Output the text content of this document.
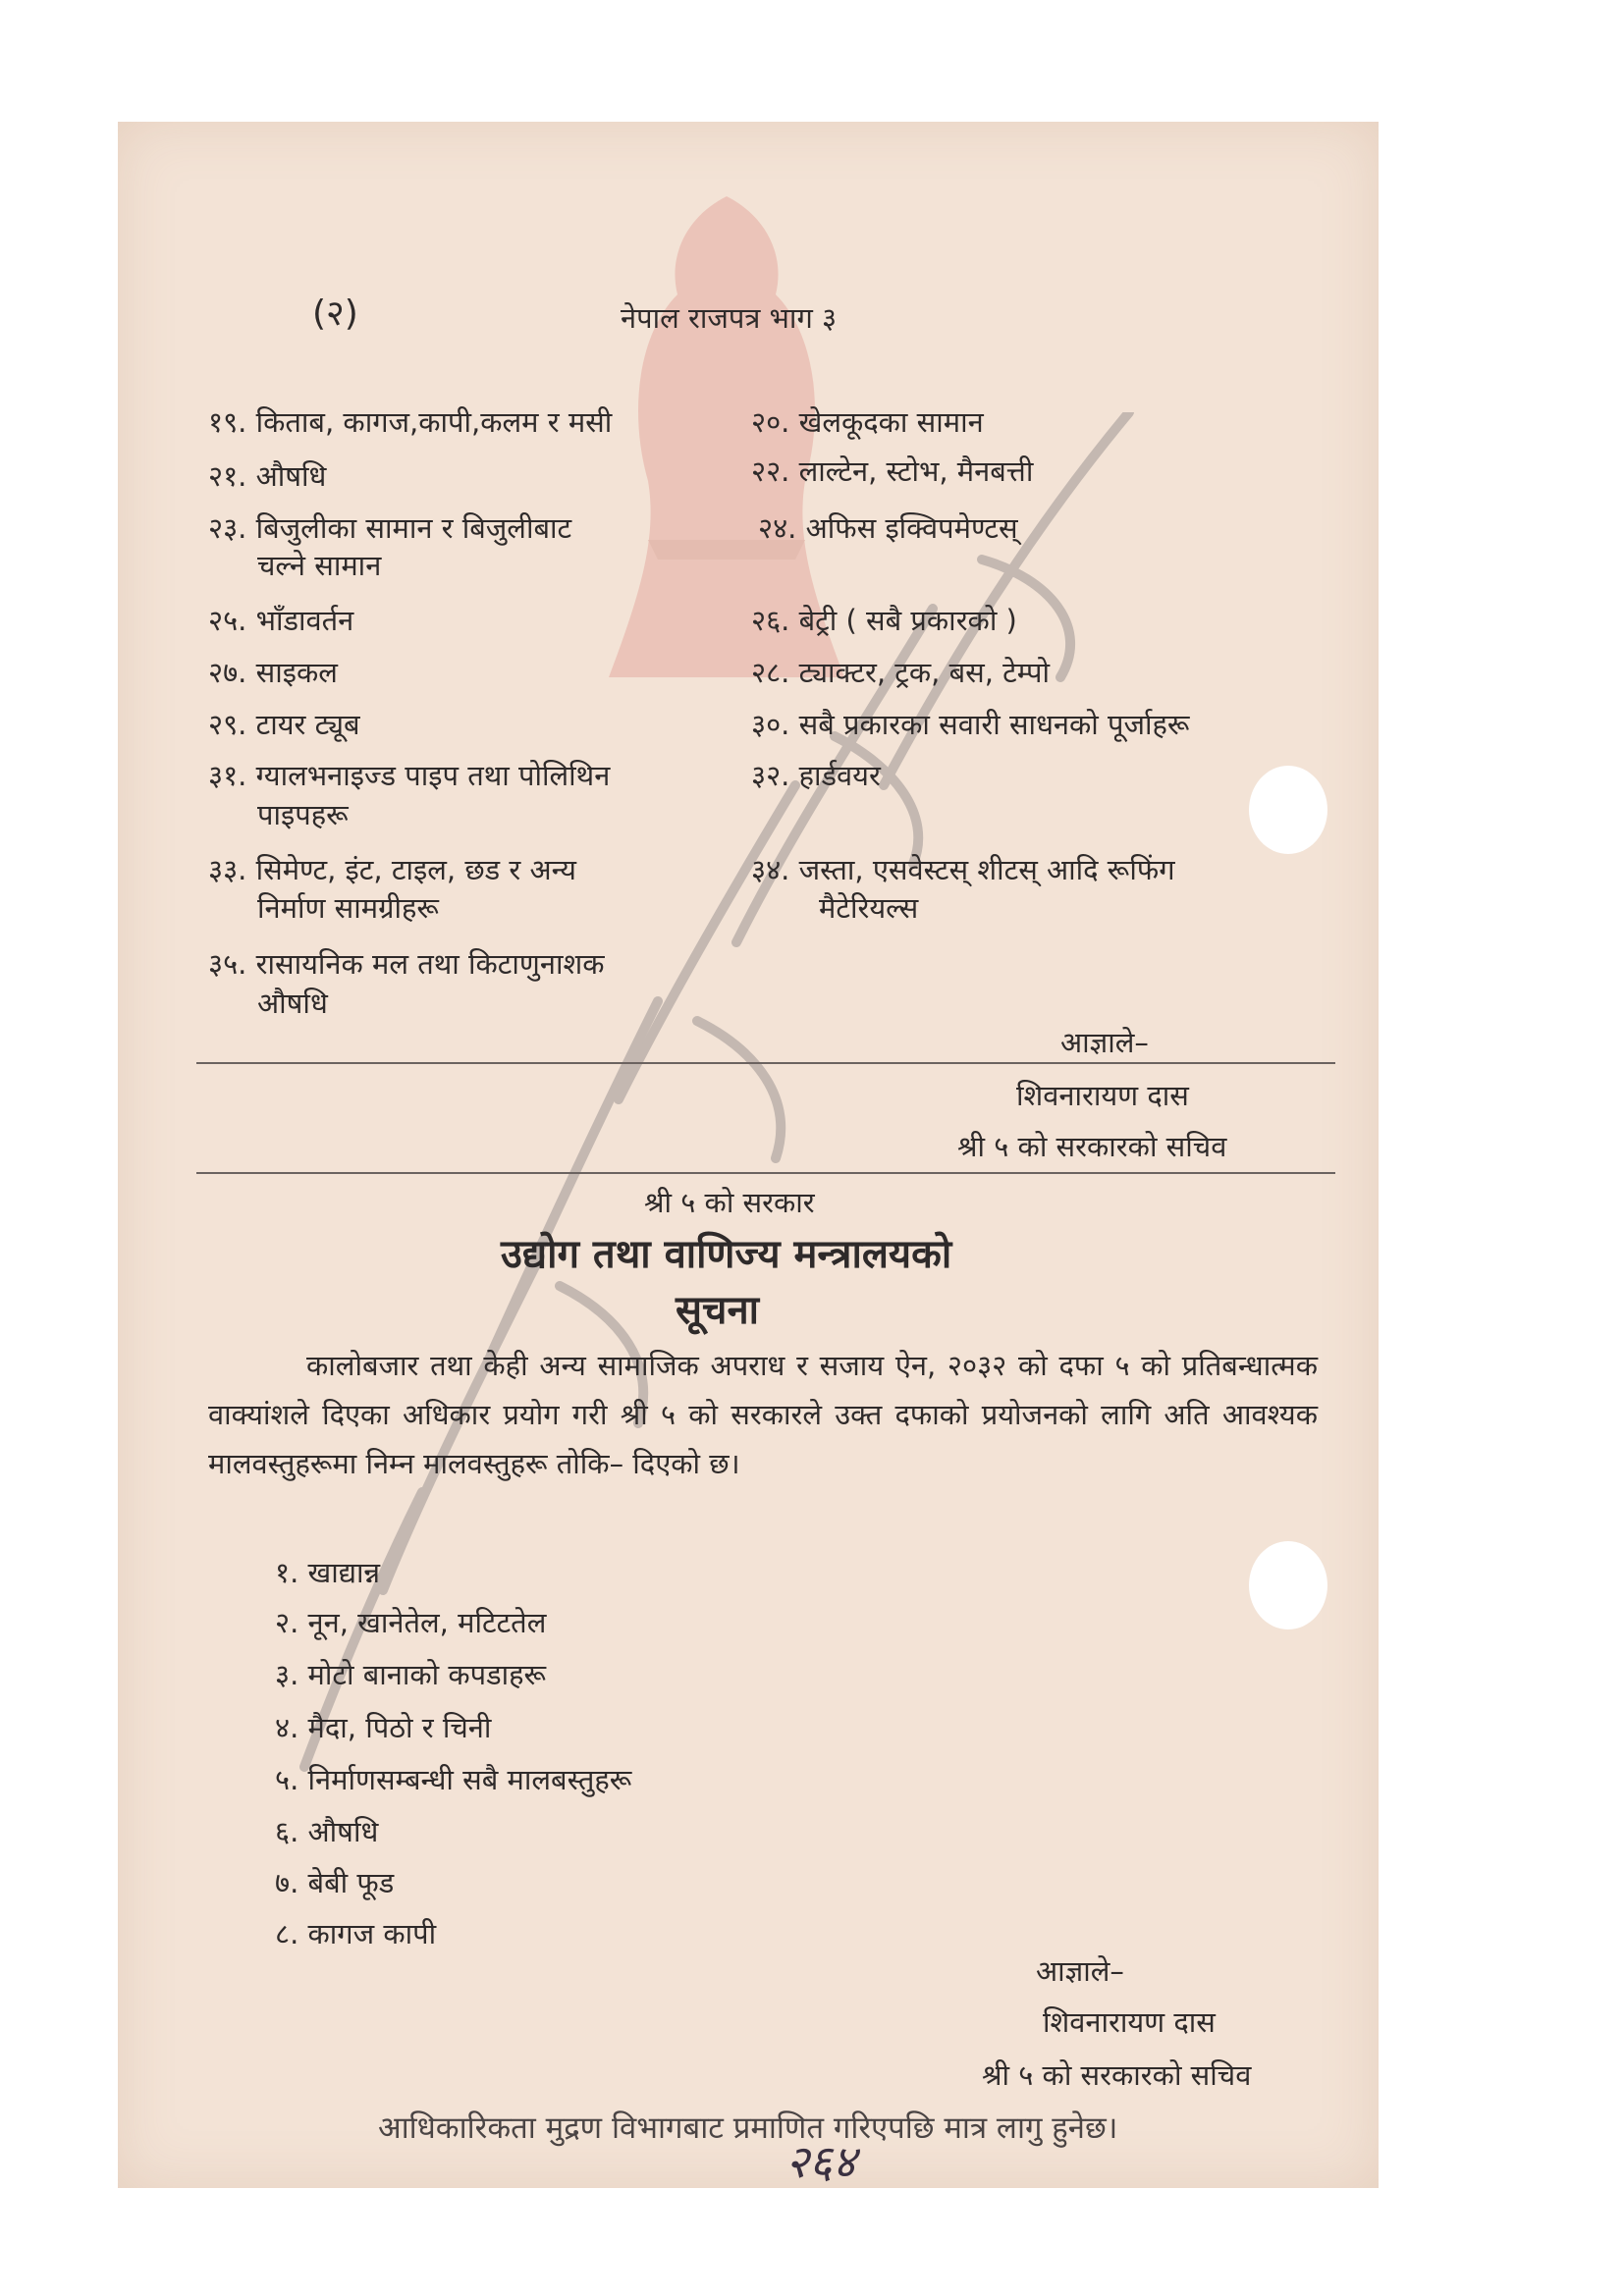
(२)	नेपाल राजपत्र भाग ३
१९. किताब, कागज,कापी,कलम र मसी
२१. औषधि
२३. बिजुलीका सामान र बिजुलीबाट
चल्ने सामान
२५. भाँडावर्तन
२७. साइकल
२९. टायर ट्यूब
३१. ग्यालभनाइज्ड पाइप तथा पोलिथिन
पाइपहरू
३३. सिमेण्ट, इंट, टाइल, छड र अन्य
निर्माण सामग्रीहरू
३५. रासायनिक मल तथा किटाणुनाशक
औषधि
२०. खेलकूदका सामान
२२. लाल्टेन, स्टोभ, मैनबत्ती
२४. अफिस इक्विपमेण्टस्
२६. बेट्री ( सबै प्रकारको )
२८. ट्याक्टर, ट्रक, बस, टेम्पो
३०. सबै प्रकारका सवारी साधनको पूर्जाहरू
३२. हार्डवयर
३४. जस्ता, एसवेस्टस् शीटस् आदि रूफिंग
मैटेरियल्स
आज्ञाले–
शिवनारायण दास
श्री ५ को सरकारको सचिव
श्री ५ को सरकार
उद्योग तथा वाणिज्य मन्त्रालयको
सूचना
कालोबजार तथा केही अन्य सामाजिक अपराध र सजाय ऐन, २०३२ को दफा ५ को प्रतिबन्धात्मक वाक्यांशले दिएका अधिकार प्रयोग गरी श्री ५ को सरकारले उक्त दफाको प्रयोजनको लागि अति आवश्यक मालवस्तुहरूमा निम्न मालवस्तुहरू तोकि– दिएको छ।
१. खाद्यान्न
२. नून, खानेतेल, मटिटतेल
३. मोटो बानाको कपडाहरू
४. मैदा, पिठो र चिनी
५. निर्माणसम्बन्धी सबै मालबस्तुहरू
६. औषधि
७. बेबी फूड
८. कागज कापी
आज्ञाले–
शिवनारायण दास
श्री ५ को सरकारको सचिव
आधिकारिकता मुद्रण विभागबाट प्रमाणित गरिएपछि मात्र लागु हुनेछ।
२६४
